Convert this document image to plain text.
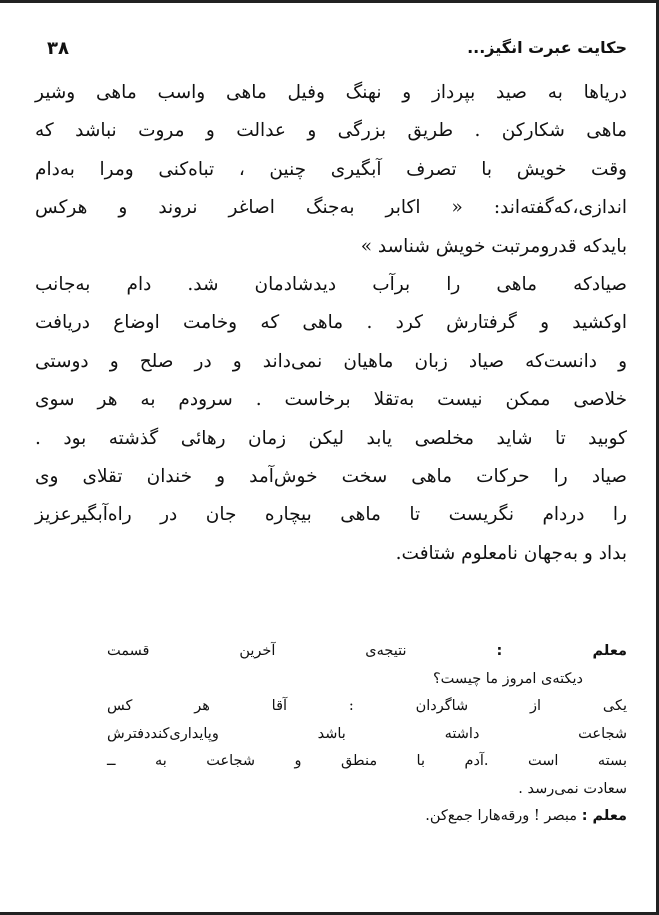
حکایت عبرت انگیز...
۳۸

دریاها به صید بپرداز و نهنگ وفیل ماهی واسب ماهی وشیر
ماهی شکارکن . طریق بزرگی و عدالت و مروت نباشد که
وقت خویش با تصرف آبگیری چنین ، تباه‌کنی ومرا به‌دام
اندازی،که‌گفته‌اند: « اکابر به‌جنگ اصاغر نروند و هرکس
بایدکه قدرومرتبت خویش شناسد »

صیادکه ماهی را برآب دیدشادمان شد. دام به‌جانب
اوکشید و گرفتارش کرد . ماهی که وخامت اوضاع دریافت
و دانست‌که صیاد زبان ماهیان نمی‌داند و در صلح و دوستی
خلاصی ممکن نیست به‌تقلا برخاست . سرودم به هر سوی
کوبید تا شاید مخلصی یابد لیکن زمان رهائی گذشته بود .
صیاد را حرکات ماهی سخت خوش‌آمد و خندان تقلای وی
را دردام نگریست تا ماهی بیچاره جان در راه‌آبگیرعزیز
بداد و به‌جهان نامعلوم شتافت.

معلم : نتیجه‌ی آخرین قسمت
دیکته‌ی امروز ما چیست؟
یکی از شاگردان : آقا هر کس
شجاعت داشته باشد وپایداری‌کند‌دفترش
بسته است .آدم با منطق و شجاعت به ــ
سعادت نمی‌رسد .
معلم : مبصر ! ورقه‌هارا جمع‌کن.
